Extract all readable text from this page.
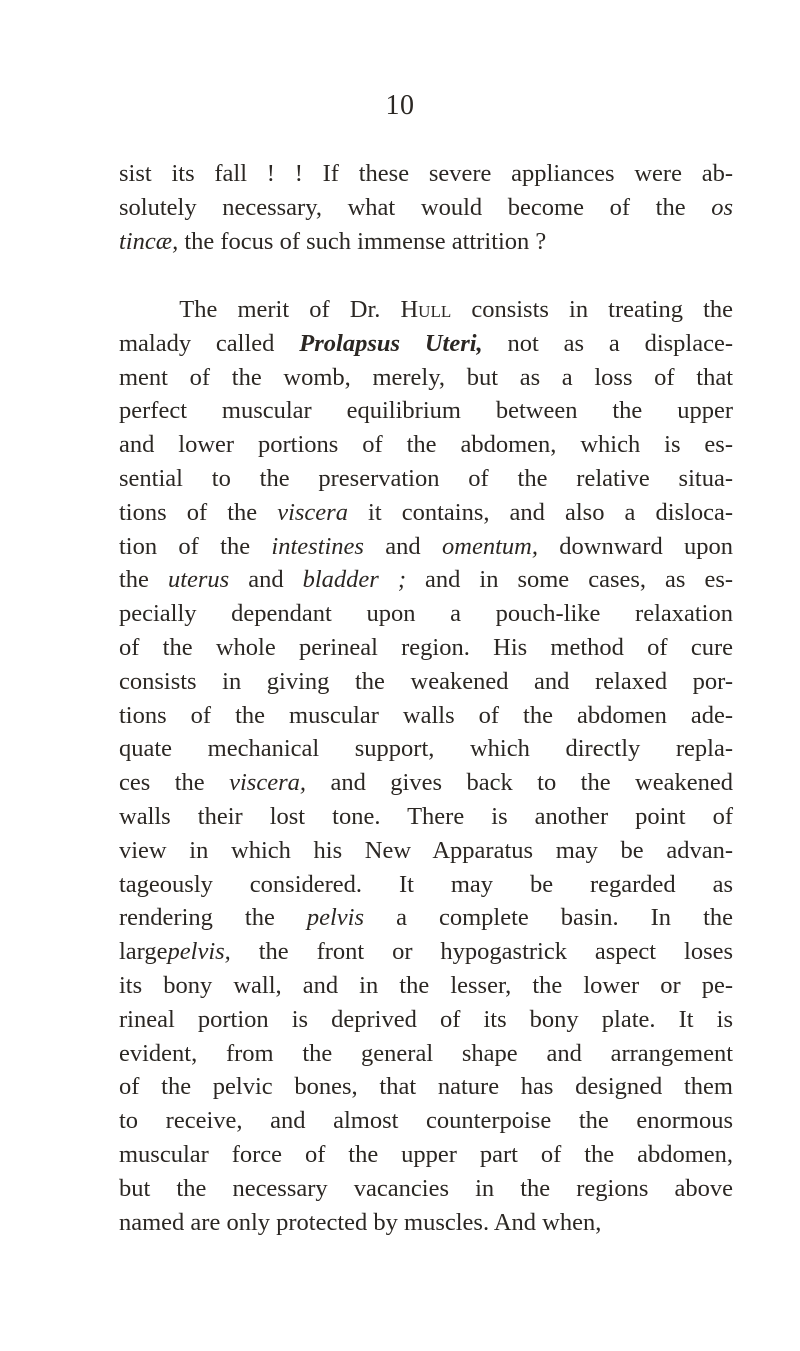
10
sist its fall ! ! If these severe appliances were ab-
solutely necessary, what would become of the os
tincæ, the focus of such immense attrition ?
The merit of Dr. Hull consists in treating the
malady called Prolapsus Uteri, not as a displace-
ment of the womb, merely, but as a loss of that
perfect muscular equilibrium between the upper
and lower portions of the abdomen, which is es-
sential to the preservation of the relative situa-
tions of the viscera it contains, and also a disloca-
tion of the intestines and omentum, downward upon
the uterus and bladder ; and in some cases, as es-
pecially dependant upon a pouch-like relaxation
of the whole perineal region. His method of cure
consists in giving the weakened and relaxed por-
tions of the muscular walls of the abdomen ade-
quate mechanical support, which directly repla-
ces the viscera, and gives back to the weakened
walls their lost tone. There is another point of
view in which his New Apparatus may be advan-
tageously considered. It may be regarded as
rendering the pelvis a complete basin. In the
largepelvis, the front or hypogastrick aspect loses
its bony wall, and in the lesser, the lower or pe-
rineal portion is deprived of its bony plate. It is
evident, from the general shape and arrangement
of the pelvic bones, that nature has designed them
to receive, and almost counterpoise the enormous
muscular force of the upper part of the abdomen,
but the necessary vacancies in the regions above
named are only protected by muscles. And when,
